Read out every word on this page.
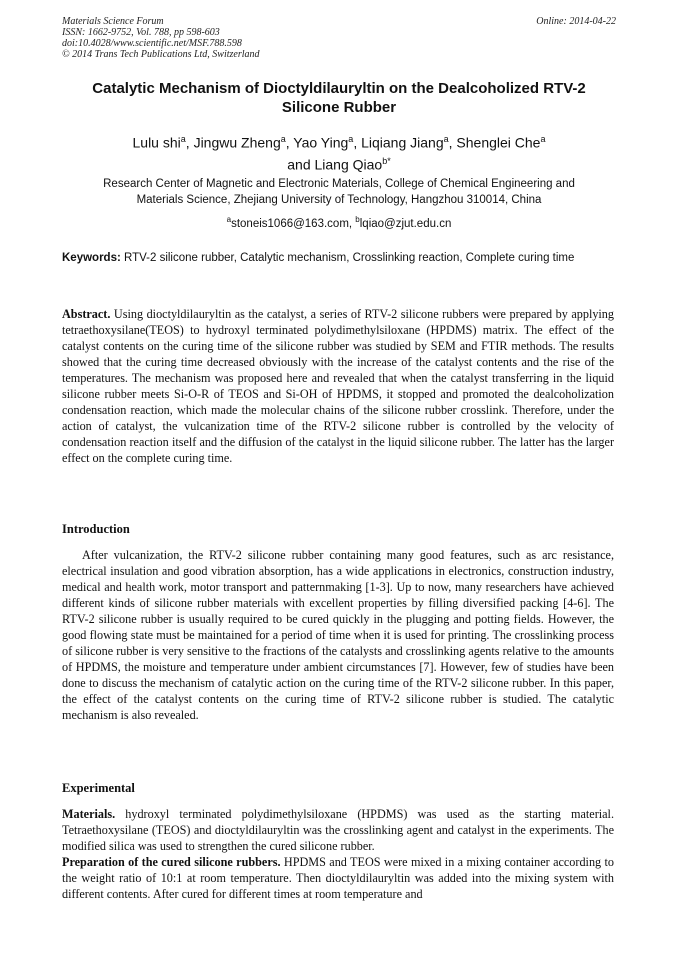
Materials Science Forum
ISSN: 1662-9752, Vol. 788, pp 598-603
doi:10.4028/www.scientific.net/MSF.788.598
© 2014 Trans Tech Publications Ltd, Switzerland
Online: 2014-04-22
Catalytic Mechanism of Dioctyldilauryltin on the Dealcoholized RTV-2
Silicone Rubber
Lulu shi$^a$, Jingwu Zheng$^a$, Yao Ying$^a$, Liqiang Jiang$^a$, Shenglei Che$^a$
and Liang Qiao$^{b*}$
Research Center of Magnetic and Electronic Materials, College of Chemical Engineering and
Materials Science, Zhejiang University of Technology, Hangzhou 310014, China
$^a$stoneis1066@163.com, $^b$lqiao@zjut.edu.cn
Keywords: RTV-2 silicone rubber, Catalytic mechanism, Crosslinking reaction, Complete curing time
Abstract. Using dioctyldilauryltin as the catalyst, a series of RTV-2 silicone rubbers were prepared by applying tetraethoxysilane(TEOS) to hydroxyl terminated polydimethylsiloxane (HPDMS) matrix. The effect of the catalyst contents on the curing time of the silicone rubber was studied by SEM and FTIR methods. The results showed that the curing time decreased obviously with the increase of the catalyst contents and the rise of the temperatures. The mechanism was proposed here and revealed that when the catalyst transferring in the liquid silicone rubber meets Si-O-R of TEOS and Si-OH of HPDMS, it stopped and promoted the dealcoholization condensation reaction, which made the molecular chains of the silicone rubber crosslink. Therefore, under the action of catalyst, the vulcanization time of the RTV-2 silicone rubber is controlled by the velocity of condensation reaction itself and the diffusion of the catalyst in the liquid silicone rubber. The latter has the larger effect on the complete curing time.
Introduction
After vulcanization, the RTV-2 silicone rubber containing many good features, such as arc resistance, electrical insulation and good vibration absorption, has a wide applications in electronics, construction industry, medical and health work, motor transport and patternmaking [1-3]. Up to now, many researchers have achieved different kinds of silicone rubber materials with excellent properties by filling diversified packing [4-6]. The RTV-2 silicone rubber is usually required to be cured quickly in the plugging and potting fields. However, the good flowing state must be maintained for a period of time when it is used for printing. The crosslinking process of silicone rubber is very sensitive to the fractions of the catalysts and crosslinking agents relative to the amounts of HPDMS, the moisture and temperature under ambient circumstances [7]. However, few of studies have been done to discuss the mechanism of catalytic action on the curing time of the RTV-2 silicone rubber. In this paper, the effect of the catalyst contents on the curing time of RTV-2 silicone rubber is studied. The catalytic mechanism is also revealed.
Experimental

Materials. hydroxyl terminated polydimethylsiloxane (HPDMS) was used as the starting material. Tetraethoxysilane (TEOS) and dioctyldilauryltin was the crosslinking agent and catalyst in the experiments. The modified silica was used to strengthen the cured silicone rubber.

Preparation of the cured silicone rubbers. HPDMS and TEOS were mixed in a mixing container according to the weight ratio of 10:1 at room temperature. Then dioctyldilauryltin was added into the mixing system with different contents. After cured for different times at room temperature and
